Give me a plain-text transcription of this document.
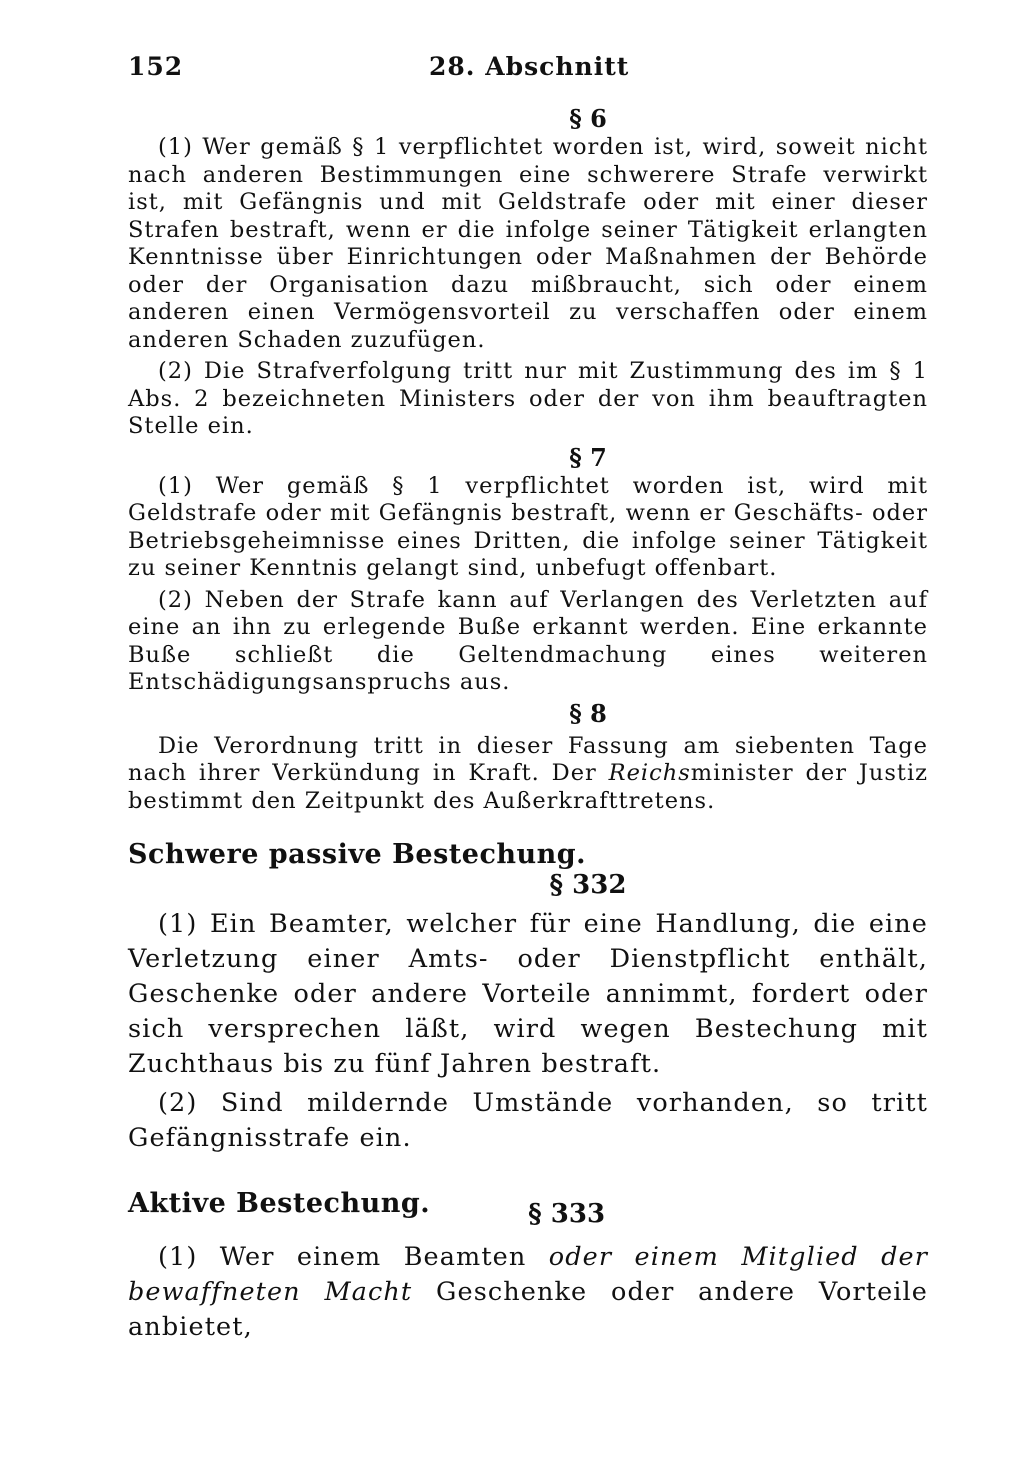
152	28. Abschnitt
§ 6

(1) Wer gemäß § 1 verpflichtet worden ist, wird, soweit nicht nach anderen Bestimmungen eine schwerere Strafe verwirkt ist, mit Gefängnis und mit Geldstrafe oder mit einer dieser Strafen bestraft, wenn er die infolge seiner Tätigkeit erlangten Kenntnisse über Einrichtungen oder Maßnahmen der Behörde oder der Organisation dazu mißbraucht, sich oder einem anderen einen Vermögensvorteil zu verschaffen oder einem anderen Schaden zuzufügen.

(2) Die Strafverfolgung tritt nur mit Zustimmung des im § 1 Abs. 2 bezeichneten Ministers oder der von ihm beauftragten Stelle ein.

§ 7

(1) Wer gemäß § 1 verpflichtet worden ist, wird mit Geldstrafe oder mit Gefängnis bestraft, wenn er Geschäfts- oder Betriebsgeheimnisse eines Dritten, die infolge seiner Tätigkeit zu seiner Kenntnis gelangt sind, unbefugt offenbart.

(2) Neben der Strafe kann auf Verlangen des Verletzten auf eine an ihn zu erlegende Buße erkannt werden. Eine erkannte Buße schließt die Geltendmachung eines weiteren Entschädigungsanspruchs aus.

§ 8

Die Verordnung tritt in dieser Fassung am siebenten Tage nach ihrer Verkündung in Kraft. Der Reichsminister der Justiz bestimmt den Zeitpunkt des Außerkrafttretens.

Schwere passive Bestechung.
§ 332

(1) Ein Beamter, welcher für eine Handlung, die eine Verletzung einer Amts- oder Dienstpflicht enthält, Geschenke oder andere Vorteile annimmt, fordert oder sich versprechen läßt, wird wegen Bestechung mit Zuchthaus bis zu fünf Jahren bestraft.

(2) Sind mildernde Umstände vorhanden, so tritt Gefängnisstrafe ein.

Aktive Bestechung.	§ 333

(1) Wer einem Beamten oder einem Mitglied der bewaffneten Macht Geschenke oder andere Vorteile anbietet,
